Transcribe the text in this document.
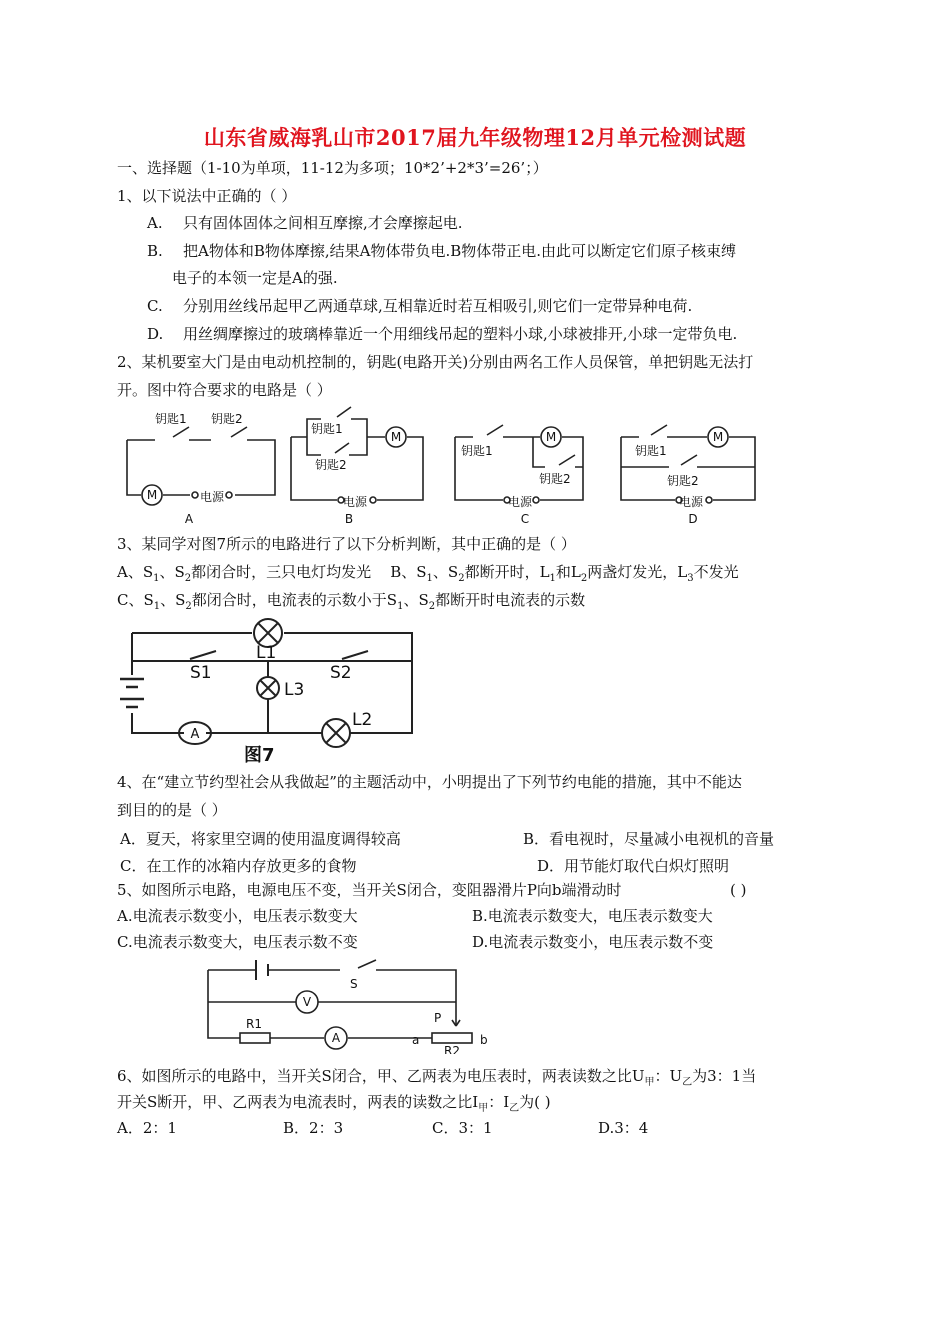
山东省威海乳山市2017届九年级物理12月单元检测试题
一、选择题（1-10为单项，11-12为多项；10*2’+2*3’=26’；）
1、以下说法中正确的（ ）
A. 只有固体固体之间相互摩擦,才会摩擦起电.
B. 把A物体和B物体摩擦,结果A物体带负电.B物体带正电.由此可以断定它们原子核束缚
电子的本领一定是A的强.
C. 分别用丝线吊起甲乙两通草球,互相靠近时若互相吸引,则它们一定带异种电荷.
D. 用丝绸摩擦过的玻璃棒靠近一个用细线吊起的塑料小球,小球被排开,小球一定带负电.
2、某机要室大门是由电动机控制的，钥匙(电路开关)分别由两名工作人员保管，单把钥匙无法打
开。图中符合要求的电路是（ ）
M
M	M	M
钥匙1 钥匙2
电源
钥匙1
钥匙2
电源
钥匙1
钥匙2
电源
钥匙1
钥匙2
电源
A	B	C	D
3、某同学对图7所示的电路进行了以下分析判断，其中正确的是（ ）
A、$S_1$、$S_2$都闭合时，三只电灯均发光 B、$S_1$、$S_2$都断开时，$L_1$和$L_2$两盏灯发光，$L_3$不发光
C、$S_1$、$S_2$都闭合时，电流表的示数小于$S_1$、$S_2$都断开时电流表的示数
A
L1
S1	S2
L3
L2
图7
4、在“建立节约型社会从我做起”的主题活动中，小明提出了下列节约电能的措施，其中不能达
到目的的是（ ）
A．夏天，将家里空调的使用温度调得较高	B．看电视时，尽量减小电视机的音量
C．在工作的冰箱内存放更多的食物	D．用节能灯取代白炽灯照明
5、如图所示电路，电源电压不变，当开关S闭合，变阻器滑片P向b端滑动时	( )
A.电流表示数变小，电压表示数变大	B.电流表示数变大，电压表示数变大
C.电流表示数变大，电压表示数不变	D.电流表示数变小，电压表示数不变
A
V
S
R1
R2
P
a	b
6、如图所示的电路中，当开关S闭合，甲、乙两表为电压表时，两表读数之比$U_甲$：$U_乙$为3：1当
开关S断开，甲、乙两表为电流表时，两表的读数之比$I_甲$：$I_乙$为( )
A．2：1	B．2：3	C．3：1	D.3：4
